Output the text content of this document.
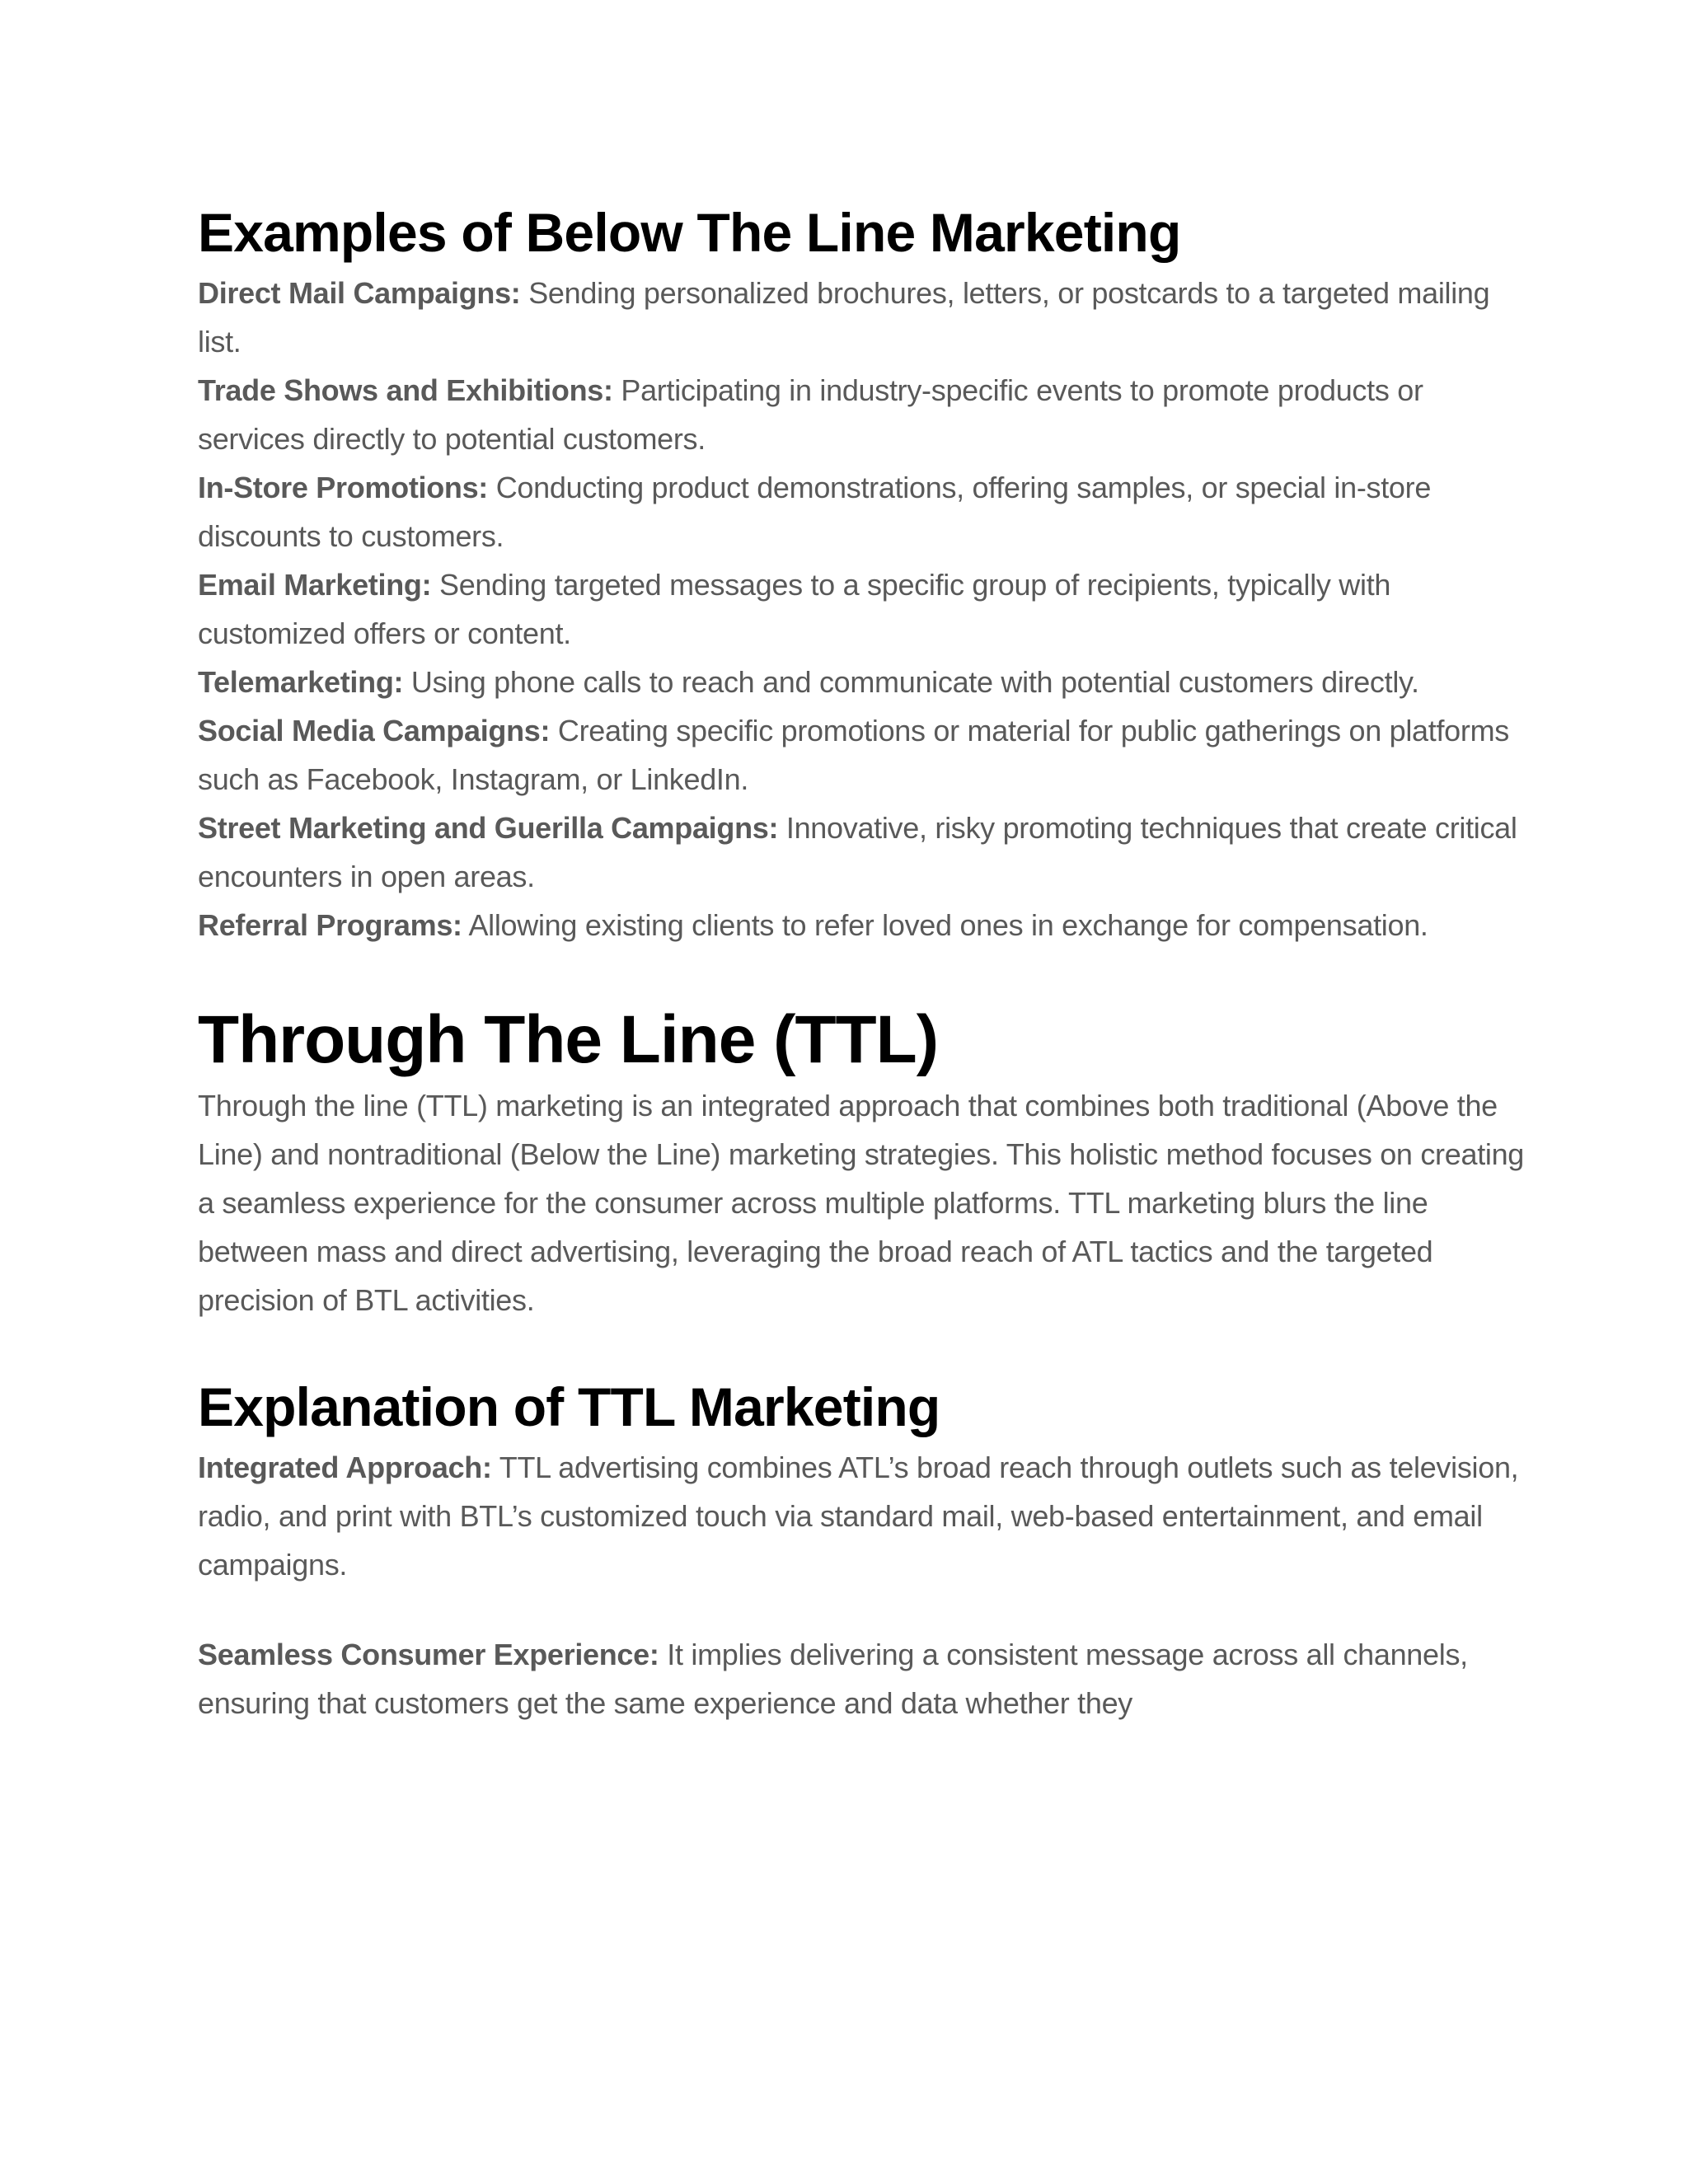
Examples of Below The Line Marketing

Direct Mail Campaigns: Sending personalized brochures, letters, or postcards to a targeted mailing list.

Trade Shows and Exhibitions: Participating in industry-specific events to promote products or services directly to potential customers.

In-Store Promotions: Conducting product demonstrations, offering samples, or special in-store discounts to customers.

Email Marketing: Sending targeted messages to a specific group of recipients, typically with customized offers or content.

Telemarketing: Using phone calls to reach and communicate with potential customers directly.

Social Media Campaigns: Creating specific promotions or material for public gatherings on platforms such as Facebook, Instagram, or LinkedIn.

Street Marketing and Guerilla Campaigns: Innovative, risky promoting techniques that create critical encounters in open areas.

Referral Programs: Allowing existing clients to refer loved ones in exchange for compensation.

Through The Line (TTL)

Through the line (TTL) marketing is an integrated approach that combines both traditional (Above the Line) and nontraditional (Below the Line) marketing strategies. This holistic method focuses on creating a seamless experience for the consumer across multiple platforms. TTL marketing blurs the line between mass and direct advertising, leveraging the broad reach of ATL tactics and the targeted precision of BTL activities.

Explanation of TTL Marketing

Integrated Approach: TTL advertising combines ATL’s broad reach through outlets such as television, radio, and print with BTL’s customized touch via standard mail, web-based entertainment, and email campaigns.

Seamless Consumer Experience: It implies delivering a consistent message across all channels, ensuring that customers get the same experience and data whether they
